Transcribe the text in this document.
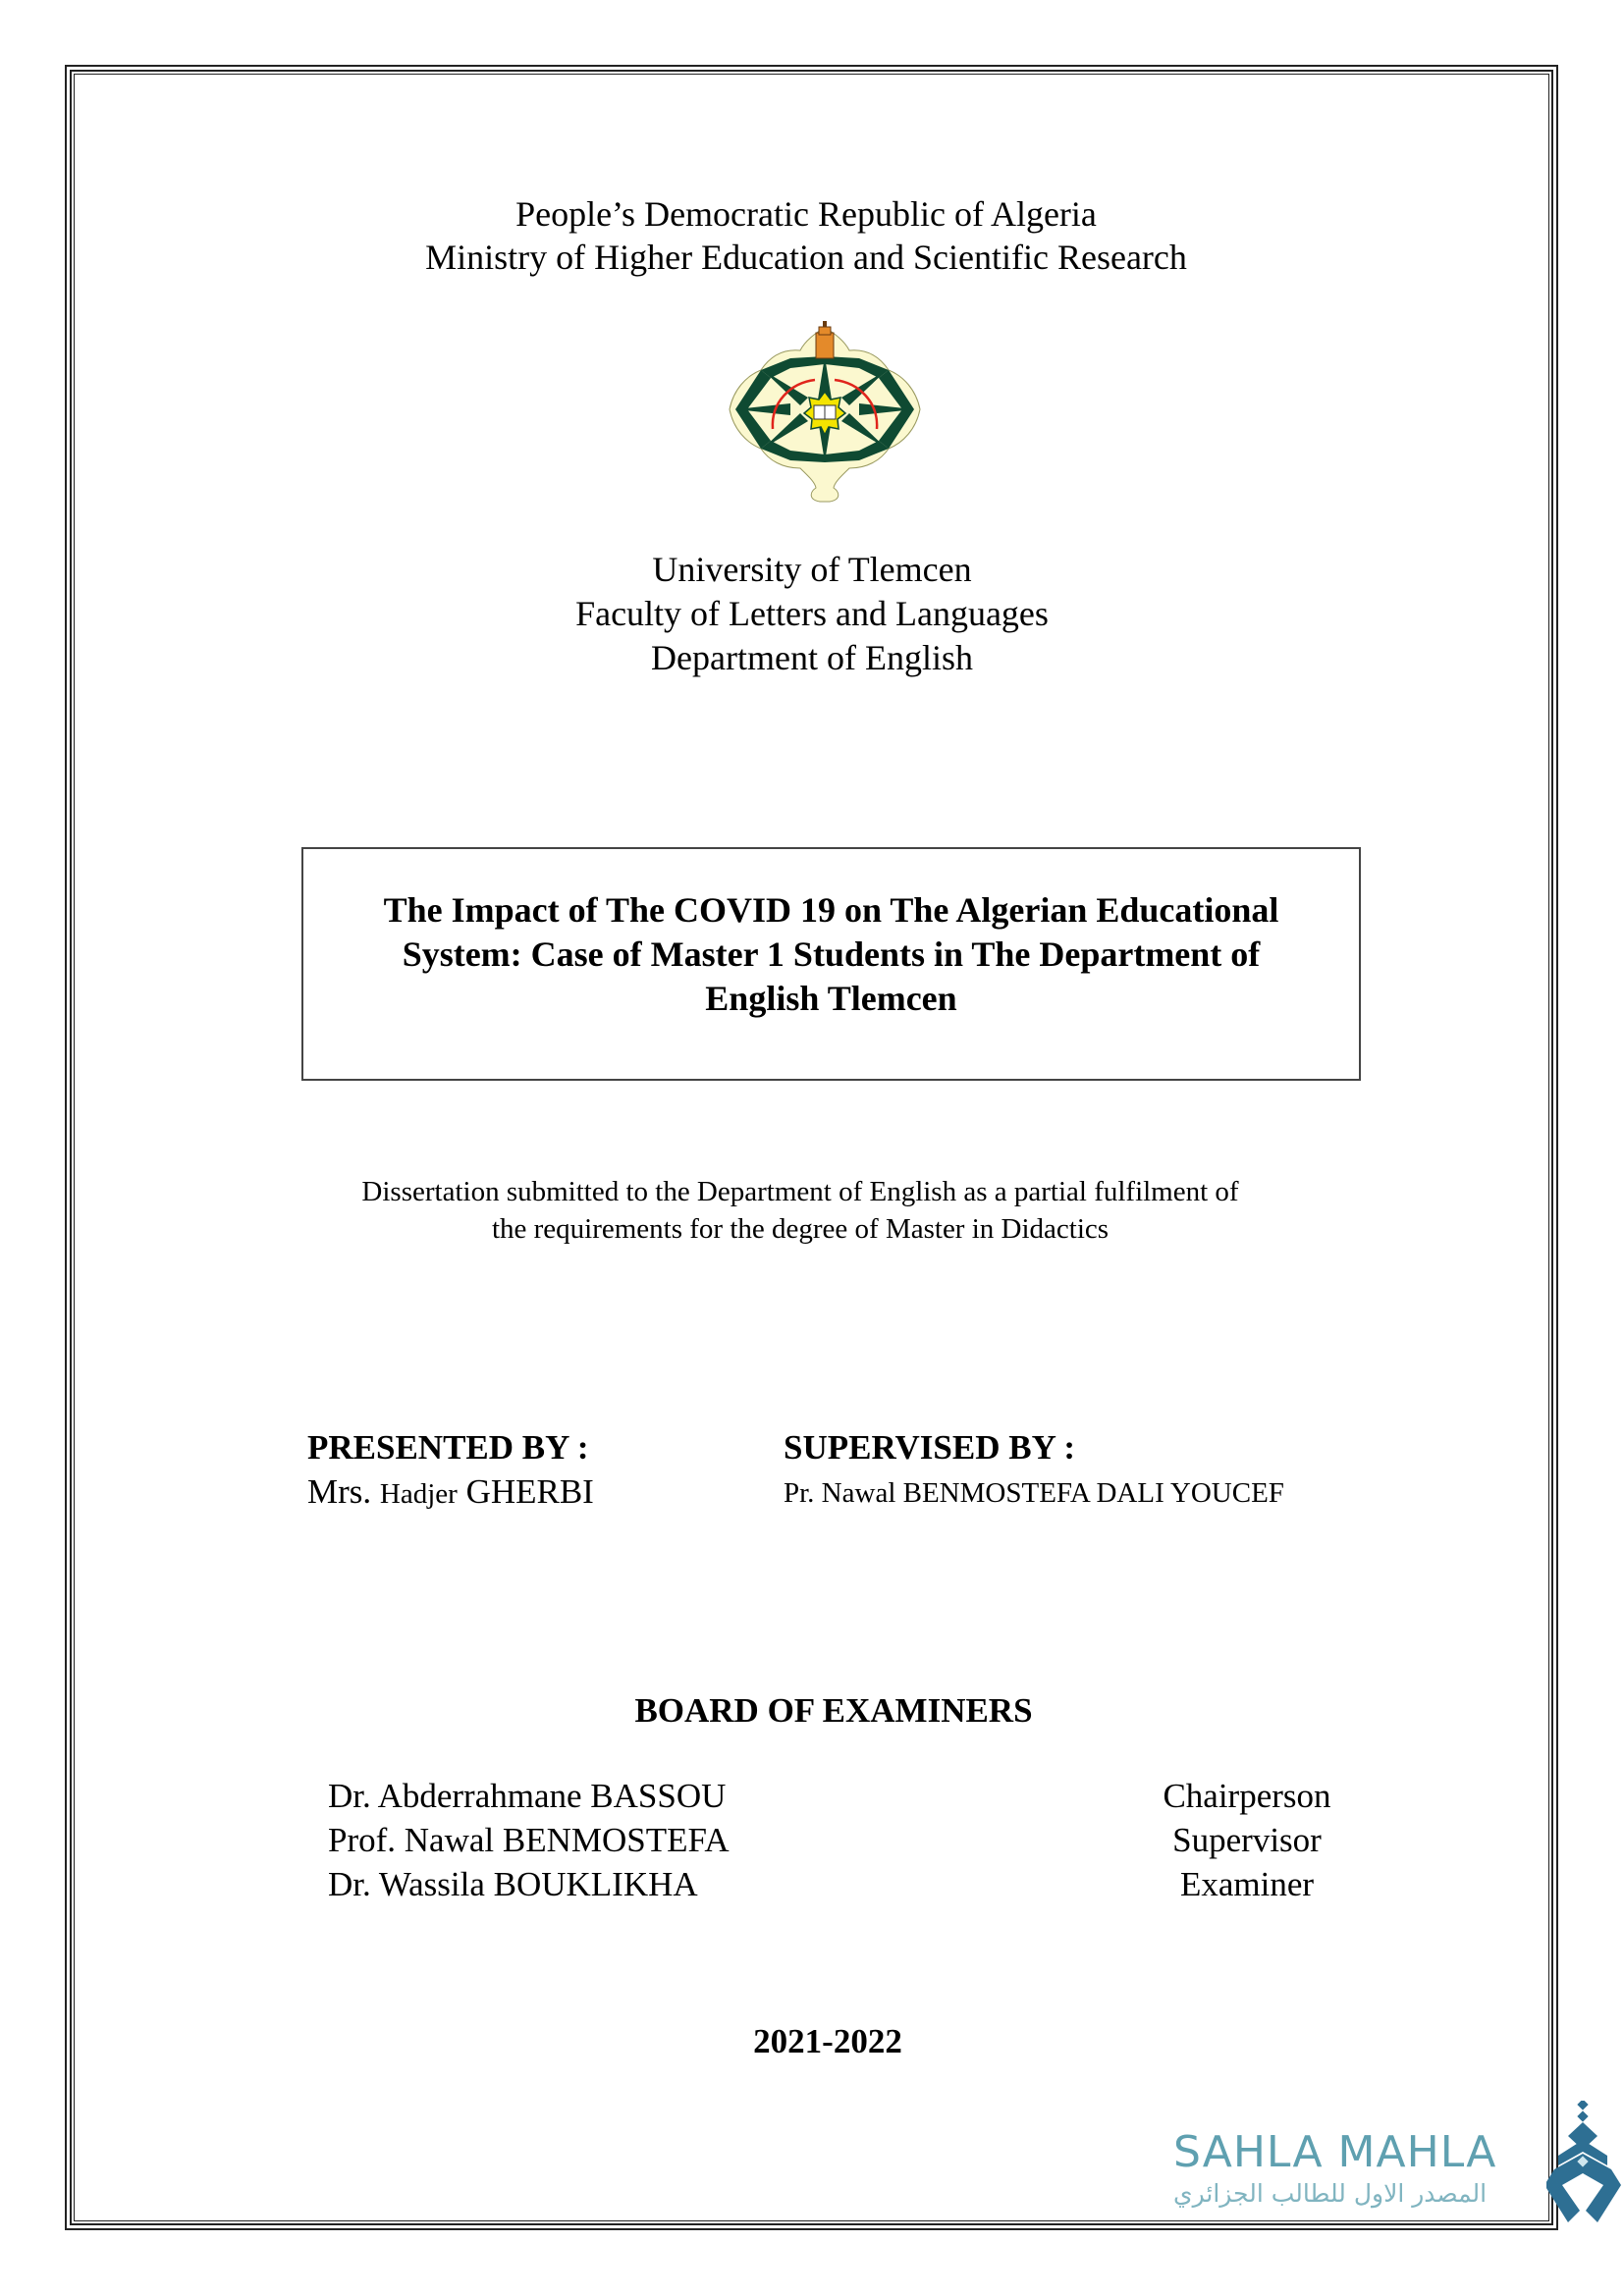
People’s Democratic Republic of Algeria
Ministry of Higher Education and Scientific Research
University of Tlemcen
Faculty of Letters and Languages
Department of English
The Impact of The COVID 19 on The Algerian Educational
System: Case of Master 1 Students in The Department of
English Tlemcen
Dissertation submitted to the Department of English as a partial fulfilment of
the requirements for the degree of Master in Didactics
PRESENTED BY :	SUPERVISED BY :
Mrs. Hadjer GHERBI	Pr. Nawal BENMOSTEFA DALI YOUCEF
BOARD OF EXAMINERS
Dr. Abderrahmane BASSOU	Chairperson
Prof. Nawal BENMOSTEFA	Supervisor
Dr. Wassila BOUKLIKHA	Examiner
2021-2022
SAHLA MAHLA
المصدر الاول للطالب الجزائري
